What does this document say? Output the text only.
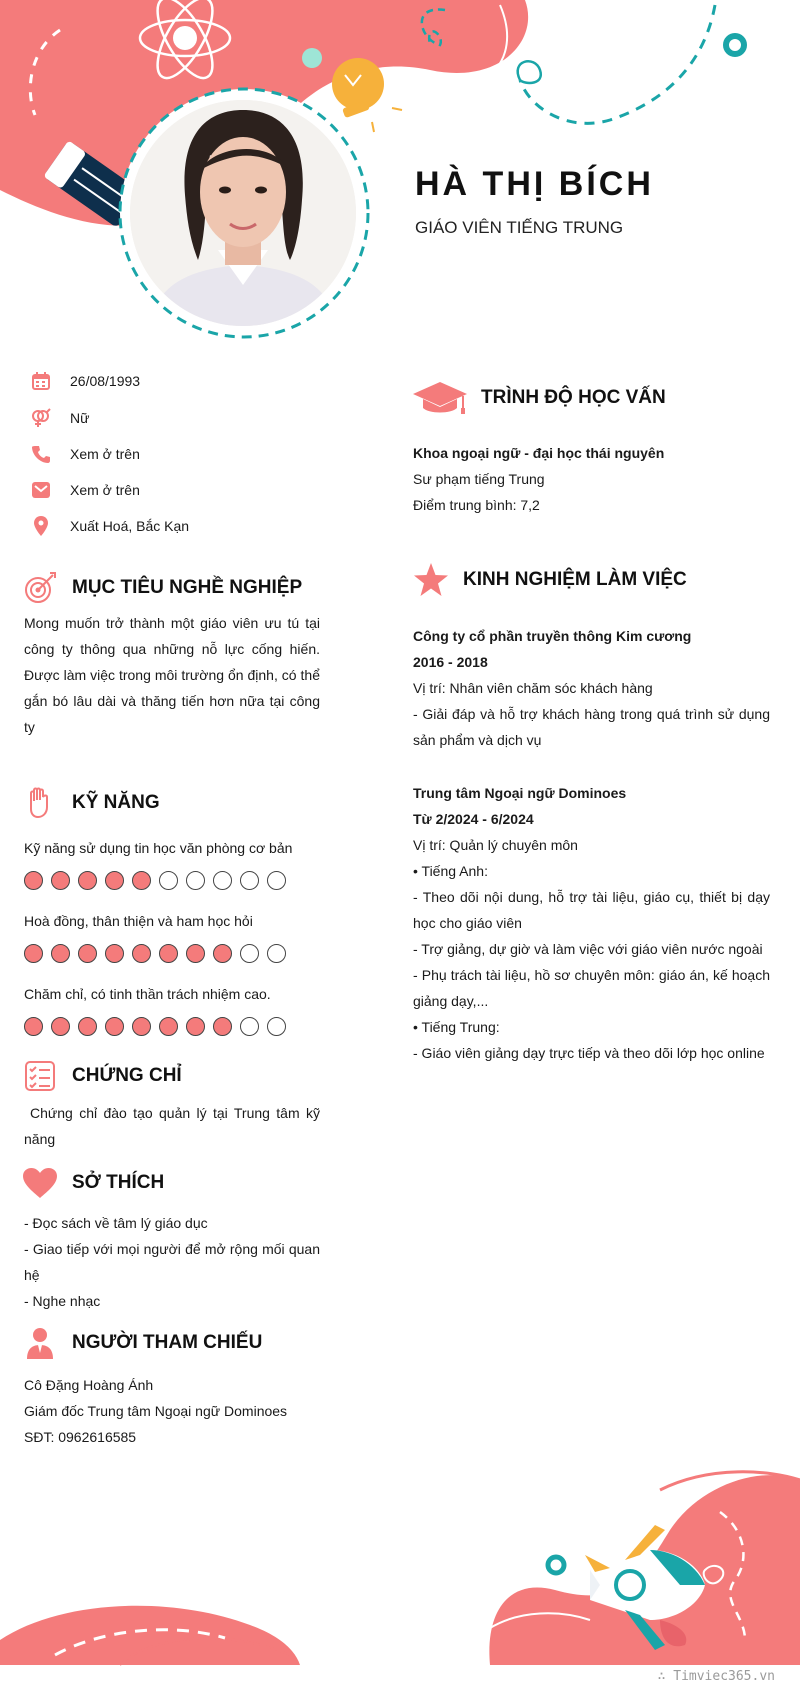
HÀ THỊ BÍCH
GIÁO VIÊN TIẾNG TRUNG
26/08/1993
Nữ
Xem ở trên
Xem ở trên
Xuất Hoá, Bắc Kạn
MỤC TIÊU NGHỀ NGHIỆP
Mong muốn trở thành một giáo viên ưu tú tại công ty thông qua những nỗ lực cống hiến. Được làm việc trong môi trường ổn định, có thể gắn bó lâu dài và thăng tiến hơn nữa tại công ty
KỸ NĂNG
Kỹ năng sử dụng tin học văn phòng cơ bản
Hoà đồng, thân thiện và ham học hỏi
Chăm chỉ, có tinh thần trách nhiệm cao.
CHỨNG CHỈ
Chứng chỉ đào tạo quản lý tại Trung tâm kỹ năng
SỞ THÍCH
- Đọc sách về tâm lý giáo dục
- Giao tiếp với mọi người để mở rộng mối quan hệ
- Nghe nhạc
NGƯỜI THAM CHIẾU
Cô Đặng Hoàng Ánh
Giám đốc Trung tâm Ngoại ngữ Dominoes
SĐT: 0962616585
TRÌNH ĐỘ HỌC VẤN
Khoa ngoại ngữ - đại học thái nguyên
Sư phạm tiếng Trung
Điểm trung bình: 7,2
KINH NGHIỆM LÀM VIỆC
Công ty cổ phần truyền thông Kim cương
2016 - 2018
Vị trí: Nhân viên chăm sóc khách hàng
- Giải đáp và hỗ trợ khách hàng trong quá trình sử dụng sản phẩm và dịch vụ
Trung tâm Ngoại ngữ Dominoes
Từ 2/2024 - 6/2024
Vị trí: Quản lý chuyên môn
• Tiếng Anh:
- Theo dõi nội dung, hỗ trợ tài liệu, giáo cụ, thiết bị dạy học cho giáo viên
- Trợ giảng, dự giờ và làm việc với giáo viên nước ngoài
- Phụ trách tài liệu, hồ sơ chuyên môn: giáo án, kế hoạch giảng dạy,...
• Tiếng Trung:
- Giáo viên giảng dạy trực tiếp và theo dõi lớp học online
∴ Timviec365.vn
